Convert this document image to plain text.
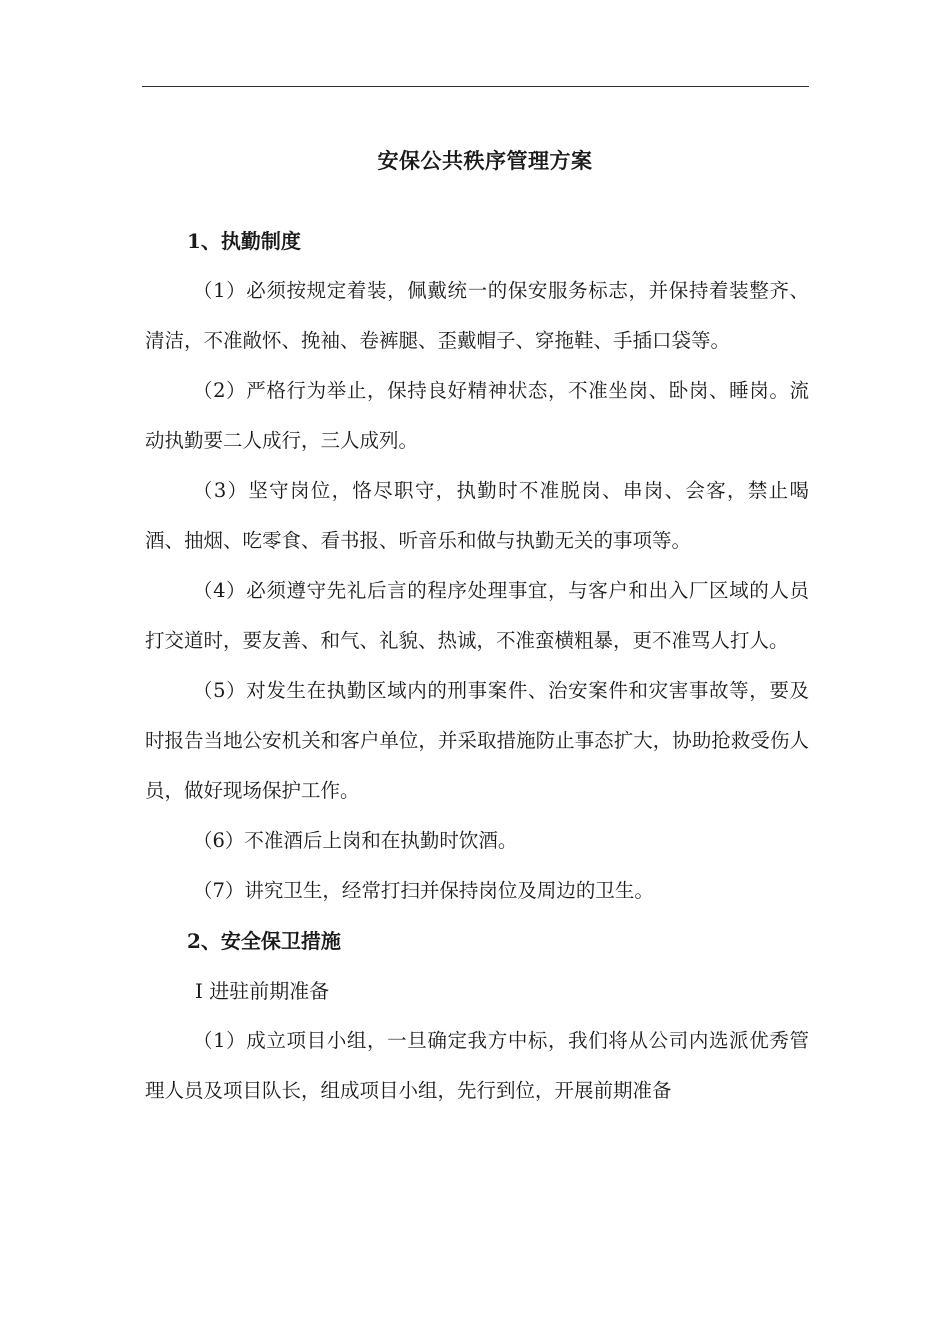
安保公共秩序管理方案
1、执勤制度

（1）必须按规定着装，佩戴统一的保安服务标志，并保持着装整齐、清洁，不准敞怀、挽袖、卷裤腿、歪戴帽子、穿拖鞋、手插口袋等。

（2）严格行为举止，保持良好精神状态，不准坐岗、卧岗、睡岗。流动执勤要二人成行，三人成列。

（3）坚守岗位，恪尽职守，执勤时不准脱岗、串岗、会客，禁止喝酒、抽烟、吃零食、看书报、听音乐和做与执勤无关的事项等。

（4）必须遵守先礼后言的程序处理事宜，与客户和出入厂区域的人员打交道时，要友善、和气、礼貌、热诚，不准蛮横粗暴，更不准骂人打人。

（5）对发生在执勤区域内的刑事案件、治安案件和灾害事故等，要及时报告当地公安机关和客户单位，并采取措施防止事态扩大，协助抢救受伤人员，做好现场保护工作。

（6）不准酒后上岗和在执勤时饮酒。

（7）讲究卫生，经常打扫并保持岗位及周边的卫生。

2、安全保卫措施
Ⅰ 进驻前期准备

（1）成立项目小组，一旦确定我方中标，我们将从公司内选派优秀管理人员及项目队长，组成项目小组，先行到位，开展前期准备
